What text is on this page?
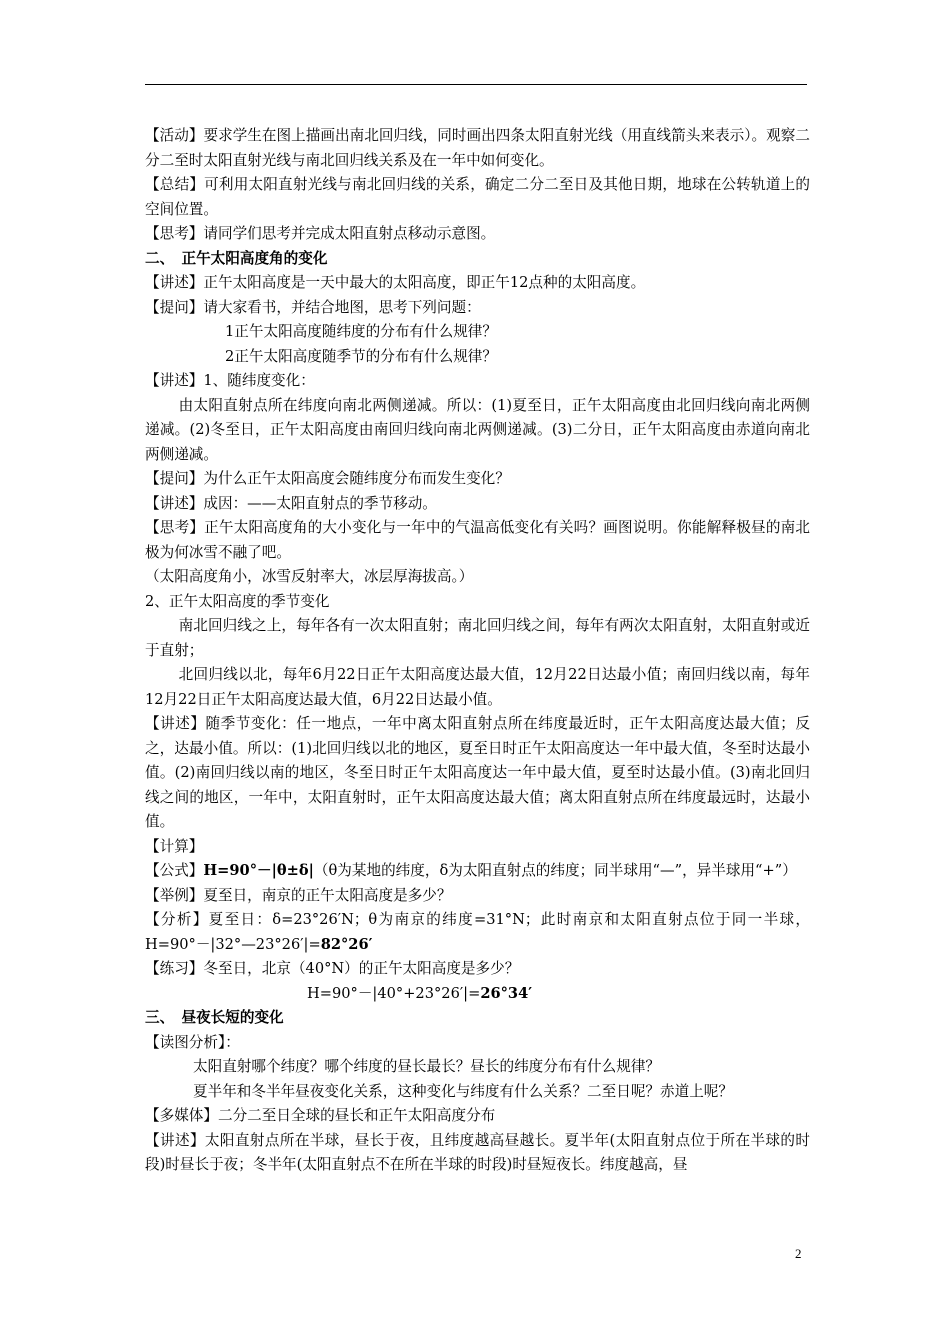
【活动】要求学生在图上描画出南北回归线，同时画出四条太阳直射光线（用直线箭头来表示）。观察二分二至时太阳直射光线与南北回归线关系及在一年中如何变化。

【总结】可利用太阳直射光线与南北回归线的关系，确定二分二至日及其他日期，地球在公转轨道上的空间位置。

【思考】请同学们思考并完成太阳直射点移动示意图。

二、　正午太阳高度角的变化

【讲述】正午太阳高度是一天中最大的太阳高度，即正午12点种的太阳高度。

【提问】请大家看书，并结合地图，思考下列问题：

1正午太阳高度随纬度的分布有什么规律？

2正午太阳高度随季节的分布有什么规律？

【讲述】1、随纬度变化：

由太阳直射点所在纬度向南北两侧递减。所以：(1)夏至日，正午太阳高度由北回归线向南北两侧递减。(2)冬至日，正午太阳高度由南回归线向南北两侧递减。(3)二分日，正午太阳高度由赤道向南北两侧递减。

【提问】为什么正午太阳高度会随纬度分布而发生变化？

【讲述】成因：——太阳直射点的季节移动。

【思考】正午太阳高度角的大小变化与一年中的气温高低变化有关吗？画图说明。你能解释极昼的南北极为何冰雪不融了吧。

（太阳高度角小，冰雪反射率大，冰层厚海拔高。）

2、正午太阳高度的季节变化

南北回归线之上，每年各有一次太阳直射；南北回归线之间，每年有两次太阳直射，太阳直射或近于直射；

北回归线以北，每年6月22日正午太阳高度达最大值，12月22日达最小值；南回归线以南，每年12月22日正午太阳高度达最大值，6月22日达最小值。

【讲述】随季节变化：任一地点，一年中离太阳直射点所在纬度最近时，正午太阳高度达最大值；反之，达最小值。所以：(1)北回归线以北的地区，夏至日时正午太阳高度达一年中最大值，冬至时达最小值。(2)南回归线以南的地区，冬至日时正午太阳高度达一年中最大值，夏至时达最小值。(3)南北回归线之间的地区，一年中，太阳直射时，正午太阳高度达最大值；离太阳直射点所在纬度最远时，达最小值。

【计算】

【公式】H=90°－|θ±δ|（θ为某地的纬度，δ为太阳直射点的纬度；同半球用“—”，异半球用“+”）

【举例】夏至日，南京的正午太阳高度是多少？

【分析】夏至日：δ=23°26′N；θ为南京的纬度=31°N；此时南京和太阳直射点位于同一半球，H=90°－|32°—23°26′|=82°26′

【练习】冬至日，北京（40°N）的正午太阳高度是多少？

H=90°－|40°+23°26′|=26°34′

三、　昼夜长短的变化

【读图分析】：

太阳直射哪个纬度？哪个纬度的昼长最长？昼长的纬度分布有什么规律？

夏半年和冬半年昼夜变化关系，这种变化与纬度有什么关系？二至日呢？赤道上呢？

【多媒体】二分二至日全球的昼长和正午太阳高度分布

【讲述】太阳直射点所在半球，昼长于夜，且纬度越高昼越长。夏半年(太阳直射点位于所在半球的时段)时昼长于夜；冬半年(太阳直射点不在所在半球的时段)时昼短夜长。纬度越高，昼

2
